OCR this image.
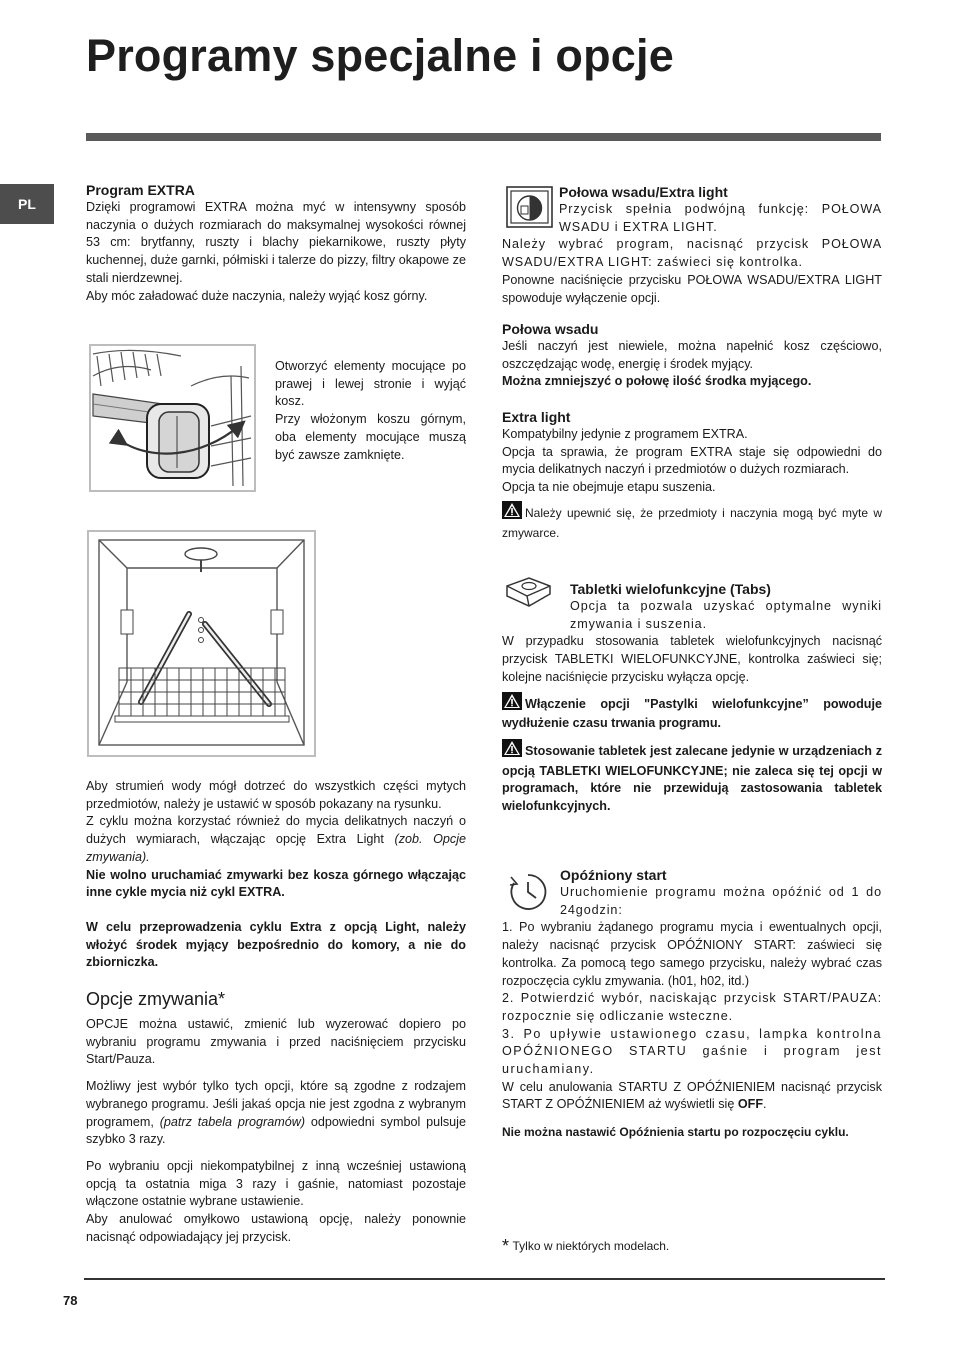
Programy specjalne i opcje
PL
Program EXTRA
Dzięki programowi EXTRA można myć w intensywny sposób naczynia o dużych rozmiarach do maksymalnej wysokości równej 53 cm: brytfanny, ruszty i blachy piekarnikowe, ruszty płyty kuchennej, duże garnki, półmiski i talerze do pizzy, filtry okapowe ze stali nierdzewnej.
Aby móc załadować duże naczynia, należy wyjąć kosz górny.
Otworzyć elementy mocujące po prawej i lewej stronie i wyjąć kosz.
Przy włożonym koszu górnym, oba elementy mocujące muszą być zawsze zamknięte.
Aby strumień wody mógł dotrzeć do wszystkich części mytych przedmiotów, należy je ustawić w sposób pokazany na rysunku.
Z cyklu można korzystać również do mycia delikatnych naczyń o dużych wymiarach, włączając opcję Extra Light (zob. Opcje zmywania).
Nie wolno uruchamiać zmywarki bez kosza górnego włączając inne cykle mycia niż cykl EXTRA.
W celu przeprowadzenia cyklu Extra z opcją Light, należy włożyć środek myjący bezpośrednio do komory, a nie do zbiorniczka.
Opcje zmywania*
OPCJE można ustawić, zmienić lub wyzerować dopiero po wybraniu programu zmywania i przed naciśnięciem przycisku Start/Pauza.
Możliwy jest wybór tylko tych opcji, które są zgodne z rodzajem wybranego programu. Jeśli jakaś opcja nie jest zgodna z wybranym programem, (patrz tabela programów) odpowiedni symbol pulsuje szybko 3 razy.
Po wybraniu opcji niekompatybilnej z inną wcześniej ustawioną opcją ta ostatnia miga 3 razy i gaśnie, natomiast pozostaje włączone ostatnie wybrane ustawienie.
Aby anulować omyłkowo ustawioną opcję, należy ponownie nacisnąć odpowiadający jej przycisk.
Połowa wsadu/Extra light
Przycisk spełnia podwójną funkcję: POŁOWA WSADU i EXTRA LIGHT.
Należy wybrać program, nacisnąć przycisk POŁOWA WSADU/EXTRA LIGHT: zaświeci się kontrolka.
Ponowne naciśnięcie przycisku POŁOWA WSADU/EXTRA LIGHT spowoduje wyłączenie opcji.
Połowa wsadu
Jeśli naczyń jest niewiele, można napełnić kosz częściowo, oszczędzając wodę, energię i środek myjący.
Można zmniejszyć o połowę ilość środka myjącego.
Extra light
Kompatybilny jedynie z programem EXTRA.
Opcja ta sprawia, że program EXTRA staje się odpowiedni do mycia delikatnych naczyń i przedmiotów o dużych rozmiarach.
Opcja ta nie obejmuje etapu suszenia.
Należy upewnić się, że przedmioty i naczynia mogą być myte w zmywarce.
Tabletki wielofunkcyjne (Tabs)
Opcja ta pozwala uzyskać optymalne wyniki zmywania i suszenia.
W przypadku stosowania tabletek wielofunkcyjnych nacisnąć przycisk TABLETKI WIELOFUNKCYJNE, kontrolka zaświeci się; kolejne naciśnięcie przycisku wyłącza opcję.
Włączenie opcji "Pastylki wielofunkcyjne” powoduje wydłużenie czasu trwania programu.
Stosowanie tabletek jest zalecane jedynie w urządzeniach z opcją TABLETKI WIELOFUNKCYJNE; nie zaleca się tej opcji w programach, które nie przewidują zastosowania tabletek wielofunkcyjnych.
Opóźniony start
Uruchomienie programu można opóźnić od 1 do 24godzin:
1. Po wybraniu żądanego programu mycia i ewentualnych opcji, należy nacisnąć przycisk OPÓŹNIONY START: zaświeci się kontrolka. Za pomocą tego samego przycisku, należy wybrać czas rozpoczęcia cyklu zmywania. (h01, h02, itd.)
2. Potwierdzić wybór, naciskając przycisk START/PAUZA: rozpocznie się odliczanie wsteczne.
3. Po upływie ustawionego czasu, lampka kontrolna OPÓŹNIONEGO STARTU gaśnie i program jest uruchamiany.
W celu anulowania STARTU Z OPÓŹNIENIEM nacisnąć przycisk START Z OPÓŹNIENIEM aż wyświetli się OFF.
Nie można nastawić Opóźnienia startu po rozpoczęciu cyklu.
* Tylko w niektórych modelach.
78
